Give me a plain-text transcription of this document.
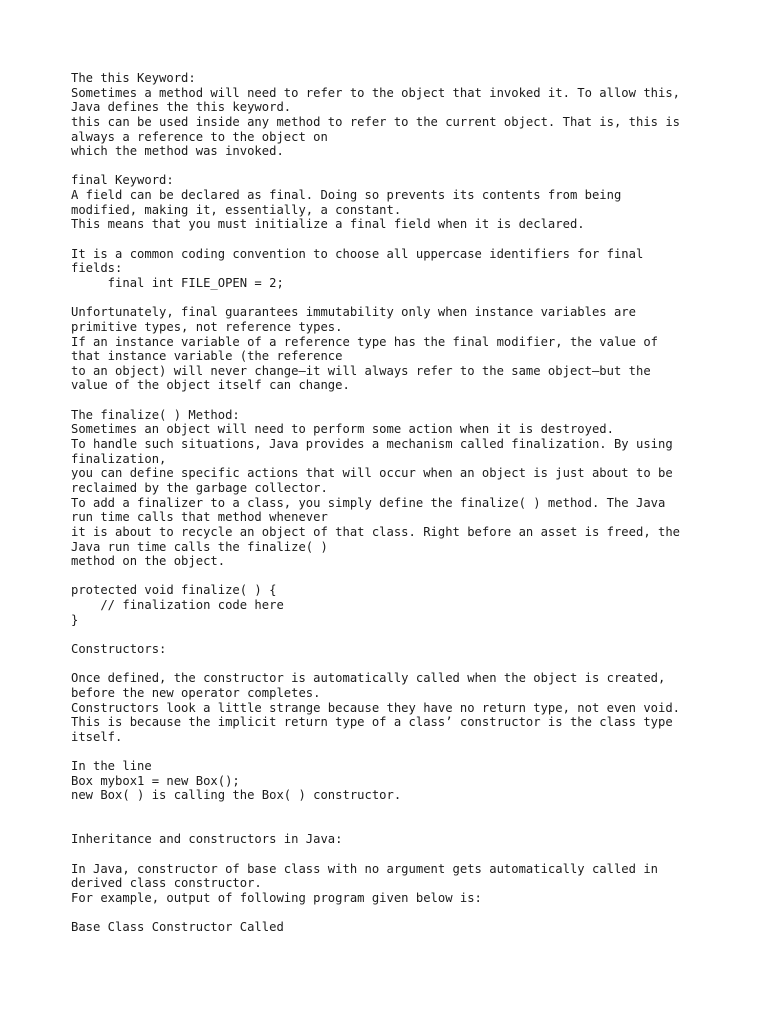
The this Keyword:
Sometimes a method will need to refer to the object that invoked it. To allow this,
Java defines the this keyword.
this can be used inside any method to refer to the current object. That is, this is
always a reference to the object on
which the method was invoked.
final Keyword:
A field can be declared as final. Doing so prevents its contents from being
modified, making it, essentially, a constant.
This means that you must initialize a final field when it is declared.
It is a common coding convention to choose all uppercase identifiers for final
fields:
final int FILE_OPEN = 2;
Unfortunately, final guarantees immutability only when instance variables are
primitive types, not reference types.
If an instance variable of a reference type has the final modifier, the value of
that instance variable (the reference
to an object) will never change—it will always refer to the same object—but the
value of the object itself can change.
The finalize( ) Method:
Sometimes an object will need to perform some action when it is destroyed.
To handle such situations, Java provides a mechanism called finalization. By using
finalization,
you can define specific actions that will occur when an object is just about to be
reclaimed by the garbage collector.
To add a finalizer to a class, you simply define the finalize( ) method. The Java
run time calls that method whenever
it is about to recycle an object of that class. Right before an asset is freed, the
Java run time calls the finalize( )
method on the object.
protected void finalize( ) {
// finalization code here
}
Constructors:
Once defined, the constructor is automatically called when the object is created,
before the new operator completes.
Constructors look a little strange because they have no return type, not even void.
This is because the implicit return type of a class’ constructor is the class type
itself.
In the line
Box mybox1 = new Box();
new Box( ) is calling the Box( ) constructor.
Inheritance and constructors in Java:
In Java, constructor of base class with no argument gets automatically called in
derived class constructor.
For example, output of following program given below is:
Base Class Constructor Called
